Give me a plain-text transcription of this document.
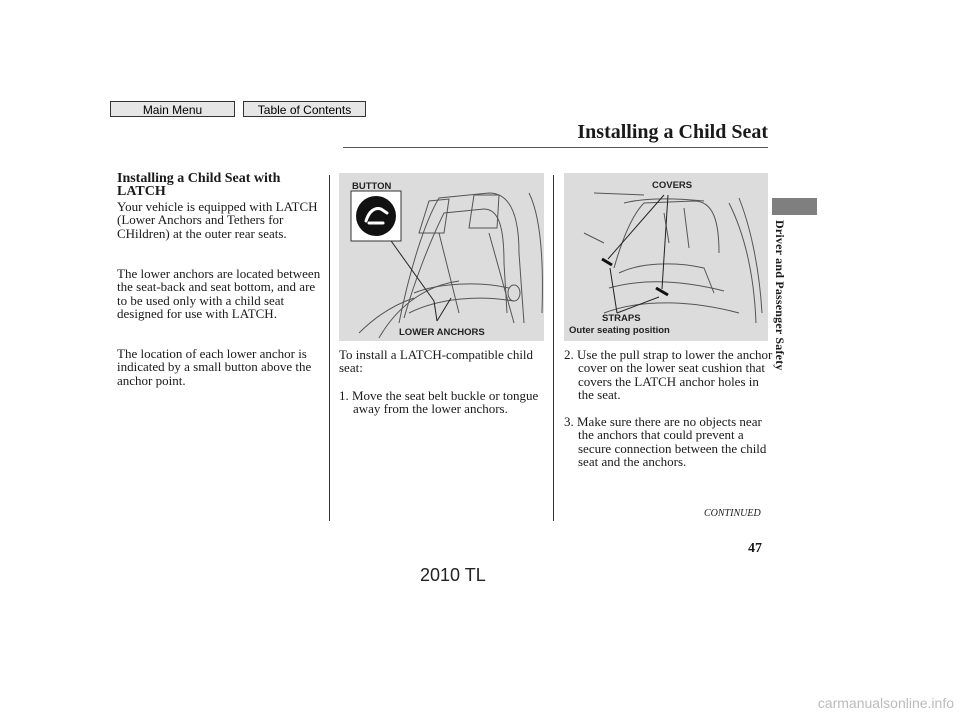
Main Menu	Table of Contents
Installing a Child Seat
Driver and Passenger Safety
Installing a Child Seat with LATCH

Your vehicle is equipped with LATCH (Lower Anchors and Tethers for CHildren) at the outer rear seats.

The lower anchors are located between the seat-back and seat bottom, and are to be used only with a child seat designed for use with LATCH.

The location of each lower anchor is indicated by a small button above the anchor point.

BUTTON
LOWER ANCHORS
COVERS
STRAPS
Outer seating position

To install a LATCH-compatible child seat:

1. Move the seat belt buckle or tongue away from the lower anchors.

2. Use the pull strap to lower the anchor cover on the lower seat cushion that covers the LATCH anchor holes in the seat.

3. Make sure there are no objects near the anchors that could prevent a secure connection between the child seat and the anchors.

CONTINUED
47
2010 TL
carmanualsonline.info
